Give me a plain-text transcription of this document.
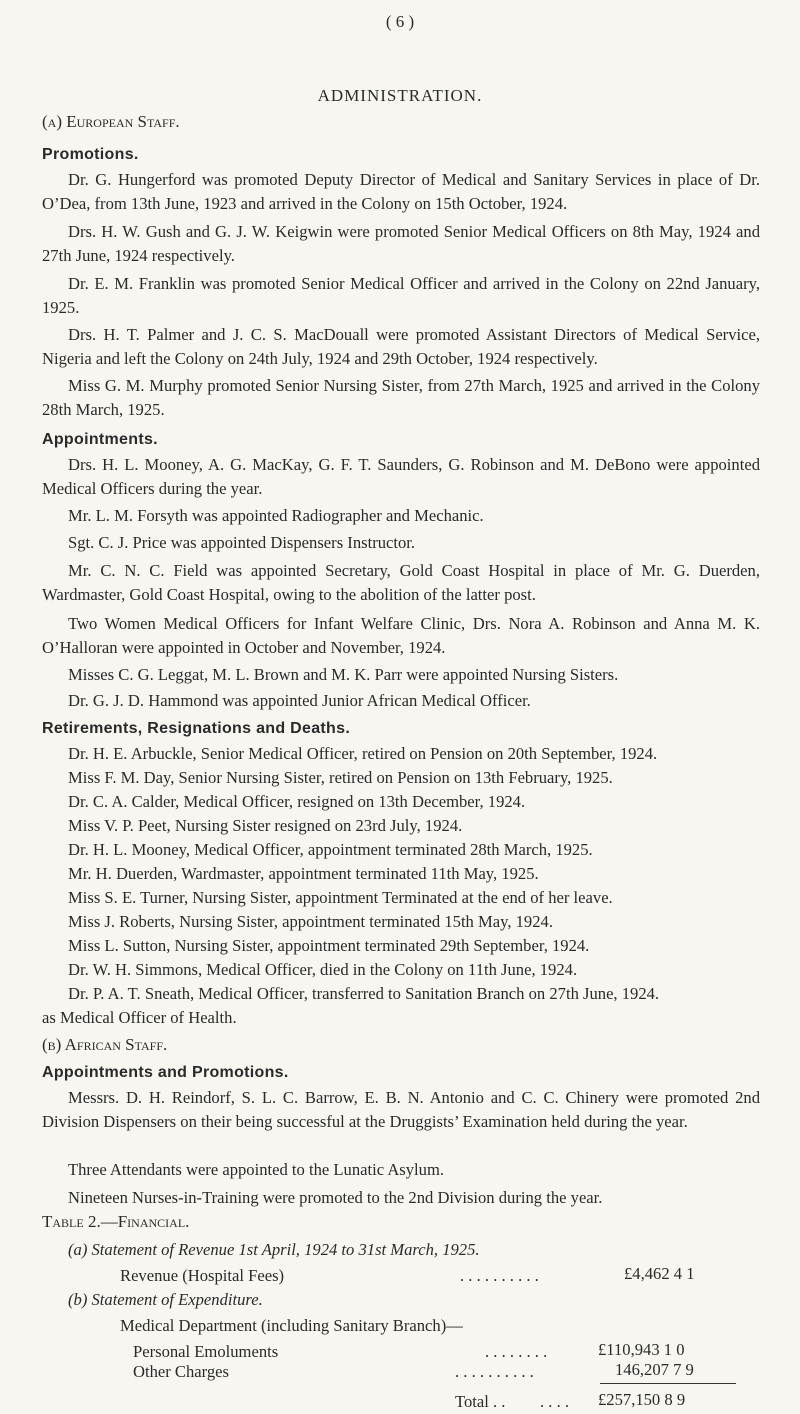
( 6 )
ADMINISTRATION.
(a) European Staff.
Promotions.
Dr. G. Hungerford was promoted Deputy Director of Medical and Sanitary Services in place of Dr. O’Dea, from 13th June, 1923 and arrived in the Colony on 15th October, 1924.
Drs. H. W. Gush and G. J. W. Keigwin were promoted Senior Medical Officers on 8th May, 1924 and 27th June, 1924 respectively.
Dr. E. M. Franklin was promoted Senior Medical Officer and arrived in the Colony on 22nd January, 1925.
Drs. H. T. Palmer and J. C. S. MacDouall were promoted Assistant Directors of Medical Service, Nigeria and left the Colony on 24th July, 1924 and 29th October, 1924 respectively.
Miss G. M. Murphy promoted Senior Nursing Sister, from 27th March, 1925 and arrived in the Colony 28th March, 1925.
Appointments.
Drs. H. L. Mooney, A. G. MacKay, G. F. T. Saunders, G. Robinson and M. DeBono were appointed Medical Officers during the year.
Mr. L. M. Forsyth was appointed Radiographer and Mechanic.
Sgt. C. J. Price was appointed Dispensers Instructor.
Mr. C. N. C. Field was appointed Secretary, Gold Coast Hospital in place of Mr. G. Duerden, Wardmaster, Gold Coast Hospital, owing to the abolition of the latter post.
Two Women Medical Officers for Infant Welfare Clinic, Drs. Nora A. Robinson and Anna M. K. O’Halloran were appointed in October and November, 1924.
Misses C. G. Leggat, M. L. Brown and M. K. Parr were appointed Nursing Sisters.
Dr. G. J. D. Hammond was appointed Junior African Medical Officer.
Retirements, Resignations and Deaths.
Dr. H. E. Arbuckle, Senior Medical Officer, retired on Pension on 20th September, 1924.
Miss F. M. Day, Senior Nursing Sister, retired on Pension on 13th February, 1925.
Dr. C. A. Calder, Medical Officer, resigned on 13th December, 1924.
Miss V. P. Peet, Nursing Sister resigned on 23rd July, 1924.
Dr. H. L. Mooney, Medical Officer, appointment terminated 28th March, 1925.
Mr. H. Duerden, Wardmaster, appointment terminated 11th May, 1925.
Miss S. E. Turner, Nursing Sister, appointment Terminated at the end of her leave.
Miss J. Roberts, Nursing Sister, appointment terminated 15th May, 1924.
Miss L. Sutton, Nursing Sister, appointment terminated 29th September, 1924.
Dr. W. H. Simmons, Medical Officer, died in the Colony on 11th June, 1924.
Dr. P. A. T. Sneath, Medical Officer, transferred to Sanitation Branch on 27th June, 1924.
as Medical Officer of Health.
(b) African Staff.
Appointments and Promotions.
Messrs. D. H. Reindorf, S. L. C. Barrow, E. B. N. Antonio and C. C. Chinery were promoted 2nd Division Dispensers on their being successful at the Druggists’ Examination held during the year.
Three Attendants were appointed to the Lunatic Asylum.
Nineteen Nurses-in-Training were promoted to the 2nd Division during the year.
Table 2.—Financial.
(a) Statement of Revenue 1st April, 1924 to 31st March, 1925.
Revenue (Hospital Fees)	. . . . . . . . . .	£4,462 4 1
(b) Statement of Expenditure.
Medical Department (including Sanitary Branch)—
Personal Emoluments	. . . . . . . .	£110,943 1 0
Other Charges	. . . . . . . . . .	146,207 7 9
Total . . . . . . £257,150 8 9
